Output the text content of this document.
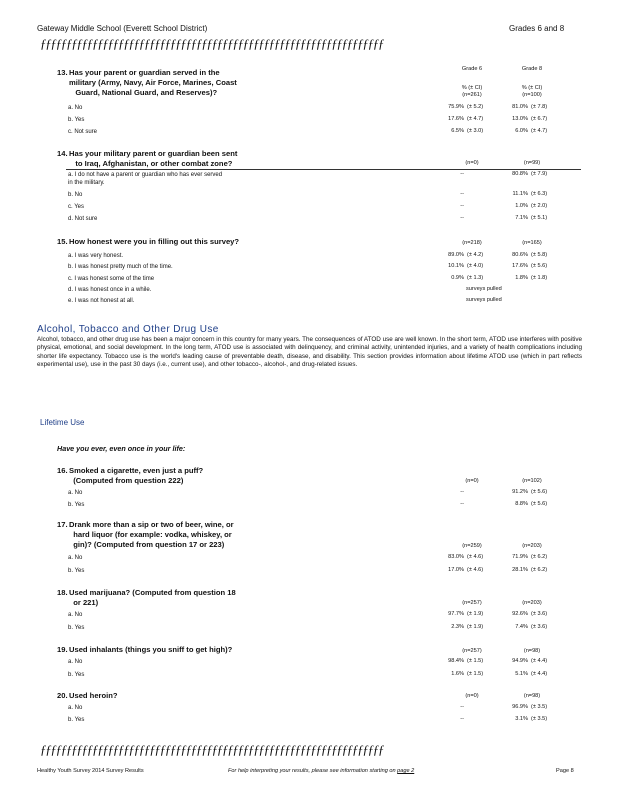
Gateway Middle School (Everett School District)	Grades 6 and 8
ƒƒƒƒƒƒƒƒƒƒƒƒƒƒƒƒƒƒƒƒƒƒƒƒƒƒƒƒƒƒƒƒƒƒƒƒƒƒƒƒƒƒƒƒƒƒƒƒƒƒƒƒƒƒƒƒƒƒƒƒƒƒƒƒƒƒ
Grade 6	Grade 8
% (± CI)	% (± CI)
13.Has your parent or guardian served in the
military (Army, Navy, Air Force, Marines, Coast
Guard, National Guard, and Reserves)?	(n=261)	(n=100)
a. No	75.9% (± 5.2)	81.0% (± 7.8)
b. Yes	17.6% (± 4.7)	13.0% (± 6.7)
c. Not sure	6.5% (± 3.0)	6.0% (± 4.7)
14.Has your military parent or guardian been sent
to Iraq, Afghanistan, or other combat zone?	(n=0)	(n=99)
a. I do not have a parent or guardian who has ever served
in the military.
--	80.8% (± 7.9)
b. No	--	11.1% (± 6.3)
c. Yes	--	1.0% (± 2.0)
d. Not sure	--	7.1% (± 5.1)
15.How honest were you in filling out this survey?	(n=218)	(n=165)
a. I was very honest.	89.0% (± 4.2)	80.6% (± 5.8)
b. I was honest pretty much of the time.	10.1% (± 4.0)	17.6% (± 5.6)
c. I was honest some of the time	0.9% (± 1.3)	1.8% (± 1.8)
d. I was honest once in a while.	surveys pulled
e. I was not honest at all.	surveys pulled
Alcohol, Tobacco and Other Drug Use
Alcohol, tobacco, and other drug use has been a major concern in this country for many years. The consequences of ATOD use are well known. In the short term, ATOD use interferes with positive physical, emotional, and social development. In the long term, ATOD use is associated with delinquency, and criminal activity, unintended injuries, and a variety of health complications including shorter life expectancy. Tobacco use is the world's leading cause of preventable death, disease, and disability. This section provides information about lifetime ATOD use (which in part reflects experimental use), use in the past 30 days (i.e., current use), and other tobacco-, alcohol-, and drug-related issues.
Lifetime Use
Have you ever, even once in your life:
16.Smoked a cigarette, even just a puff?
(Computed from question 222)	(n=0)	(n=102)
a. No	--	91.2% (± 5.6)
b. Yes	--	8.8% (± 5.6)
17.Drank more than a sip or two of beer, wine, or
hard liquor (for example: vodka, whiskey, or
gin)? (Computed from question 17 or 223)	(n=259)	(n=203)
a. No	83.0% (± 4.6)	71.9% (± 6.2)
b. Yes	17.0% (± 4.6)	28.1% (± 6.2)
18.Used marijuana? (Computed from question 18
or 221)	(n=257)	(n=203)
a. No	97.7% (± 1.9)	92.6% (± 3.6)
b. Yes	2.3% (± 1.9)	7.4% (± 3.6)
19.Used inhalants (things you sniff to get high)?	(n=257)	(n=98)
a. No	98.4% (± 1.5)	94.9% (± 4.4)
b. Yes	1.6% (± 1.5)	5.1% (± 4.4)
20.Used heroin?	(n=0)	(n=98)
a. No	--	96.9% (± 3.5)
b. Yes	--	3.1% (± 3.5)
ƒƒƒƒƒƒƒƒƒƒƒƒƒƒƒƒƒƒƒƒƒƒƒƒƒƒƒƒƒƒƒƒƒƒƒƒƒƒƒƒƒƒƒƒƒƒƒƒƒƒƒƒƒƒƒƒƒƒƒƒƒƒƒƒƒƒ
Healthy Youth Survey 2014 Survey Results	For help interpreting your results, please see information starting on page 2	Page 8
